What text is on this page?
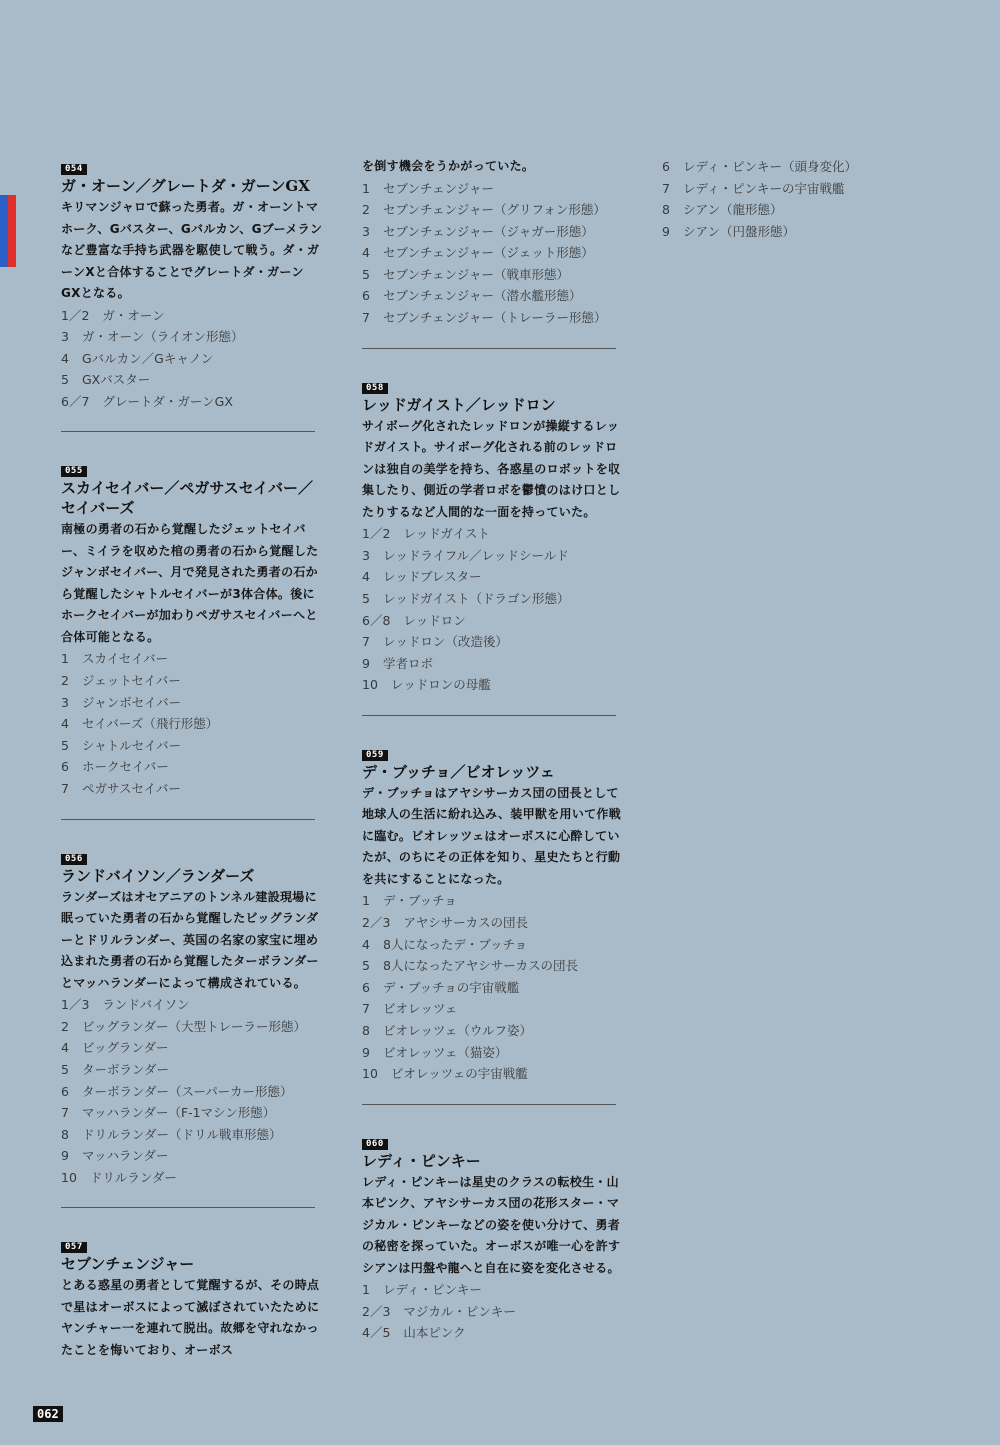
054
ガ・オーン／グレートダ・ガーンGX

キリマンジャロで蘇った勇者。ガ・オーントマホーク、Gバスター、Gバルカン、Gブーメランなど豊富な手持ち武器を駆使して戦う。ダ・ガーンXと合体することでグレートダ・ガーンGXとなる。

1／2 ガ・オーン
3 ガ・オーン（ライオン形態）
4 Gバルカン／Gキャノン
5 GXバスター
6／7 グレートダ・ガーンGX
055
スカイセイバー／ペガサスセイバー／セイバーズ

南極の勇者の石から覚醒したジェットセイバー、ミイラを収めた棺の勇者の石から覚醒したジャンボセイバー、月で発見された勇者の石から覚醒したシャトルセイバーが3体合体。後にホークセイバーが加わりペガサスセイバーへと合体可能となる。

1 スカイセイバー
2 ジェットセイバー
3 ジャンボセイバー
4 セイバーズ（飛行形態）
5 シャトルセイバー
6 ホークセイバー
7 ペガサスセイバー
056
ランドバイソン／ランダーズ

ランダーズはオセアニアのトンネル建設現場に眠っていた勇者の石から覚醒したビッグランダーとドリルランダー、英国の名家の家宝に埋め込まれた勇者の石から覚醒したターボランダーとマッハランダーによって構成されている。

1／3 ランドバイソン
2 ビッグランダー（大型トレーラー形態）
4 ビッグランダー
5 ターボランダー
6 ターボランダー（スーパーカー形態）
7 マッハランダー（F-1マシン形態）
8 ドリルランダー（ドリル戦車形態）
9 マッハランダー
10 ドリルランダー
057
セブンチェンジャー

とある惑星の勇者として覚醒するが、その時点で星はオーボスによって滅ぼされていたためにヤンチャー一を連れて脱出。故郷を守れなかったことを悔いており、オーボス

を倒す機会をうかがっていた。

1 セブンチェンジャー
2 セブンチェンジャー（グリフォン形態）
3 セブンチェンジャー（ジャガー形態）
4 セブンチェンジャー（ジェット形態）
5 セブンチェンジャー（戦車形態）
6 セブンチェンジャー（潜水艦形態）
7 セブンチェンジャー（トレーラー形態）
058
レッドガイスト／レッドロン

サイボーグ化されたレッドロンが操縦するレッドガイスト。サイボーグ化される前のレッドロンは独自の美学を持ち、各惑星のロボットを収集したり、側近の学者ロボを鬱憤のはけ口としたりするなど人間的な一面を持っていた。

1／2 レッドガイスト
3 レッドライフル／レッドシールド
4 レッドブレスター
5 レッドガイスト（ドラゴン形態）
6／8 レッドロン
7 レッドロン（改造後）
9 学者ロボ
10 レッドロンの母艦
059
デ・ブッチョ／ビオレッツェ

デ・ブッチョはアヤシサーカス団の団長として地球人の生活に紛れ込み、装甲獣を用いて作戦に臨む。ビオレッツェはオーボスに心酔していたが、のちにその正体を知り、星史たちと行動を共にすることになった。

1 デ・ブッチョ
2／3 アヤシサーカスの団長
4 8人になったデ・ブッチョ
5 8人になったアヤシサーカスの団長
6 デ・ブッチョの宇宙戦艦
7 ビオレッツェ
8 ビオレッツェ（ウルフ姿）
9 ビオレッツェ（猫姿）
10 ビオレッツェの宇宙戦艦
060
レディ・ピンキー

レディ・ピンキーは星史のクラスの転校生・山本ピンク、アヤシサーカス団の花形スター・マジカル・ピンキーなどの姿を使い分けて、勇者の秘密を探っていた。オーボスが唯一心を許すシアンは円盤や龍へと自在に姿を変化させる。

1 レディ・ピンキー
2／3 マジカル・ピンキー
4／5 山本ピンク
6 レディ・ピンキー（頭身変化）
7 レディ・ピンキーの宇宙戦艦
8 シアン（龍形態）
9 シアン（円盤形態）
062
